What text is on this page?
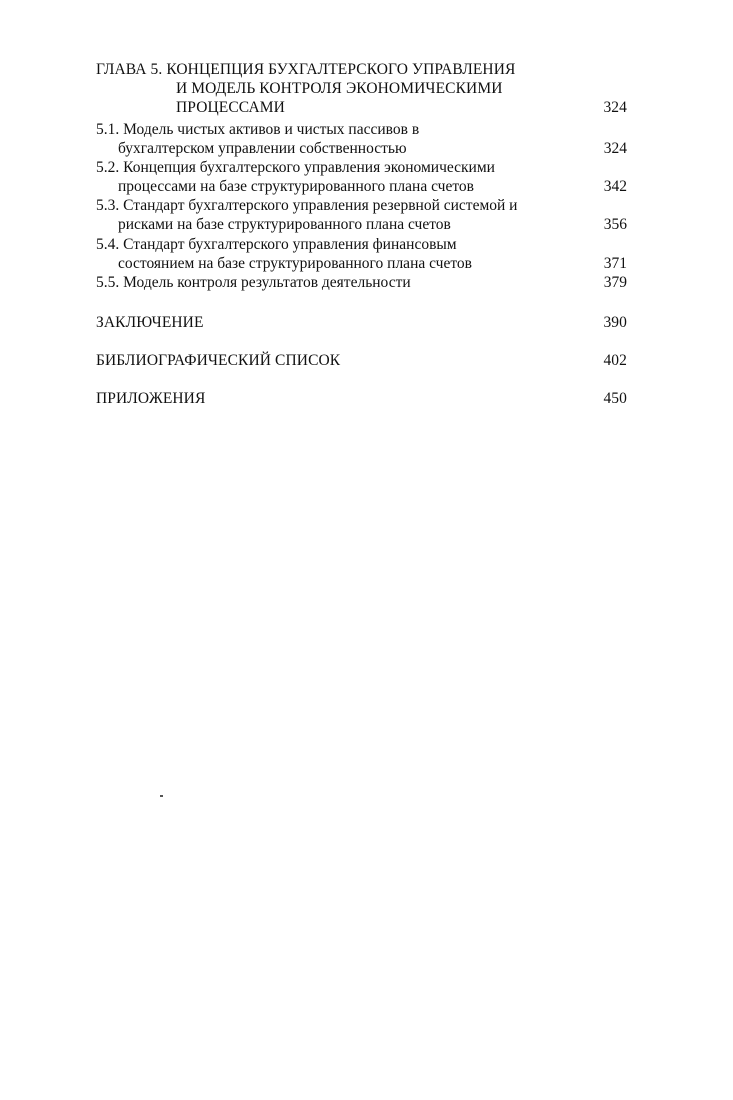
ГЛАВА 5. КОНЦЕПЦИЯ БУХГАЛТЕРСКОГО УПРАВЛЕНИЯ
И МОДЕЛЬ КОНТРОЛЯ ЭКОНОМИЧЕСКИМИ
ПРОЦЕССАМИ	324
5.1. Модель чистых активов и чистых пассивов в
бухгалтерском управлении собственностью	324
5.2. Концепция бухгалтерского управления экономическими
процессами на базе структурированного плана счетов	342
5.3. Стандарт бухгалтерского управления резервной системой и
рисками на базе структурированного плана счетов	356
5.4. Стандарт бухгалтерского управления финансовым
состоянием на базе структурированного плана счетов	371
5.5. Модель контроля результатов деятельности	379
ЗАКЛЮЧЕНИЕ	390
БИБЛИОГРАФИЧЕСКИЙ СПИСОК	402
ПРИЛОЖЕНИЯ	450
